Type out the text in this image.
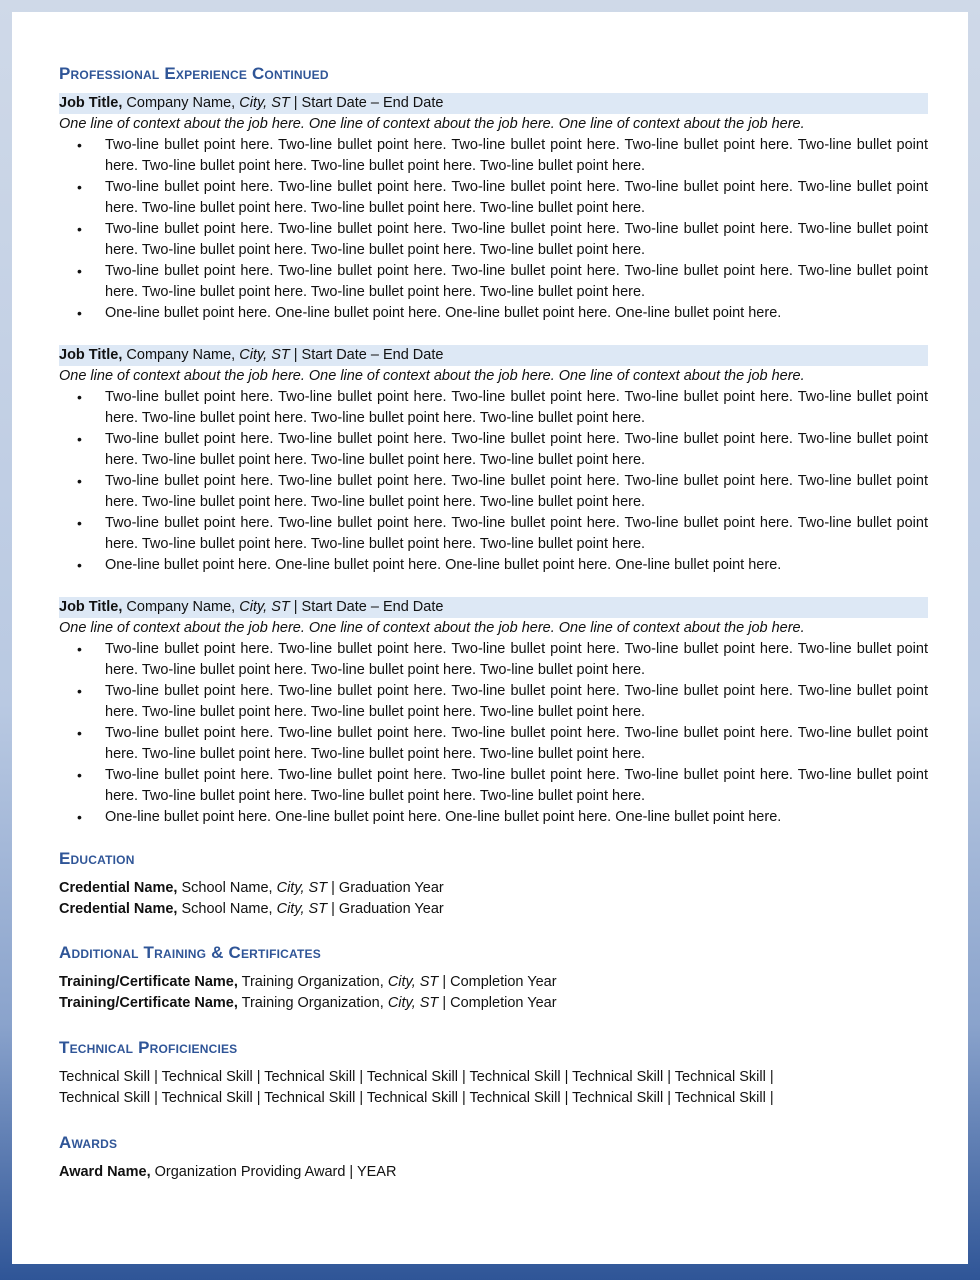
Professional Experience Continued
Job Title, Company Name, City, ST | Start Date – End Date
One line of context about the job here. One line of context about the job here. One line of context about the job here.
• Two-line bullet point here. Two-line bullet point here. Two-line bullet point here. Two-line bullet point here. Two-line bullet point here. Two-line bullet point here. Two-line bullet point here. Two-line bullet point here.
• Two-line bullet point here. Two-line bullet point here. Two-line bullet point here. Two-line bullet point here. Two-line bullet point here. Two-line bullet point here. Two-line bullet point here. Two-line bullet point here.
• Two-line bullet point here. Two-line bullet point here. Two-line bullet point here. Two-line bullet point here. Two-line bullet point here. Two-line bullet point here. Two-line bullet point here. Two-line bullet point here.
• Two-line bullet point here. Two-line bullet point here. Two-line bullet point here. Two-line bullet point here. Two-line bullet point here. Two-line bullet point here. Two-line bullet point here. Two-line bullet point here.
• One-line bullet point here. One-line bullet point here. One-line bullet point here. One-line bullet point here.
Job Title, Company Name, City, ST | Start Date – End Date
One line of context about the job here. One line of context about the job here. One line of context about the job here.
• Two-line bullet point here. Two-line bullet point here. Two-line bullet point here. Two-line bullet point here. Two-line bullet point here. Two-line bullet point here. Two-line bullet point here. Two-line bullet point here.
• Two-line bullet point here. Two-line bullet point here. Two-line bullet point here. Two-line bullet point here. Two-line bullet point here. Two-line bullet point here. Two-line bullet point here. Two-line bullet point here.
• Two-line bullet point here. Two-line bullet point here. Two-line bullet point here. Two-line bullet point here. Two-line bullet point here. Two-line bullet point here. Two-line bullet point here. Two-line bullet point here.
• Two-line bullet point here. Two-line bullet point here. Two-line bullet point here. Two-line bullet point here. Two-line bullet point here. Two-line bullet point here. Two-line bullet point here. Two-line bullet point here.
• One-line bullet point here. One-line bullet point here. One-line bullet point here. One-line bullet point here.
Job Title, Company Name, City, ST | Start Date – End Date
One line of context about the job here. One line of context about the job here. One line of context about the job here.
• Two-line bullet point here. Two-line bullet point here. Two-line bullet point here. Two-line bullet point here. Two-line bullet point here. Two-line bullet point here. Two-line bullet point here. Two-line bullet point here.
• Two-line bullet point here. Two-line bullet point here. Two-line bullet point here. Two-line bullet point here. Two-line bullet point here. Two-line bullet point here. Two-line bullet point here. Two-line bullet point here.
• Two-line bullet point here. Two-line bullet point here. Two-line bullet point here. Two-line bullet point here. Two-line bullet point here. Two-line bullet point here. Two-line bullet point here. Two-line bullet point here.
• Two-line bullet point here. Two-line bullet point here. Two-line bullet point here. Two-line bullet point here. Two-line bullet point here. Two-line bullet point here. Two-line bullet point here. Two-line bullet point here.
• One-line bullet point here. One-line bullet point here. One-line bullet point here. One-line bullet point here.
Education
Credential Name, School Name, City, ST | Graduation Year
Credential Name, School Name, City, ST | Graduation Year
Additional Training & Certificates
Training/Certificate Name, Training Organization, City, ST | Completion Year
Training/Certificate Name, Training Organization, City, ST | Completion Year
Technical Proficiencies
Technical Skill | Technical Skill | Technical Skill | Technical Skill | Technical Skill | Technical Skill | Technical Skill |
Technical Skill | Technical Skill | Technical Skill | Technical Skill | Technical Skill | Technical Skill | Technical Skill |
Awards
Award Name, Organization Providing Award | YEAR
